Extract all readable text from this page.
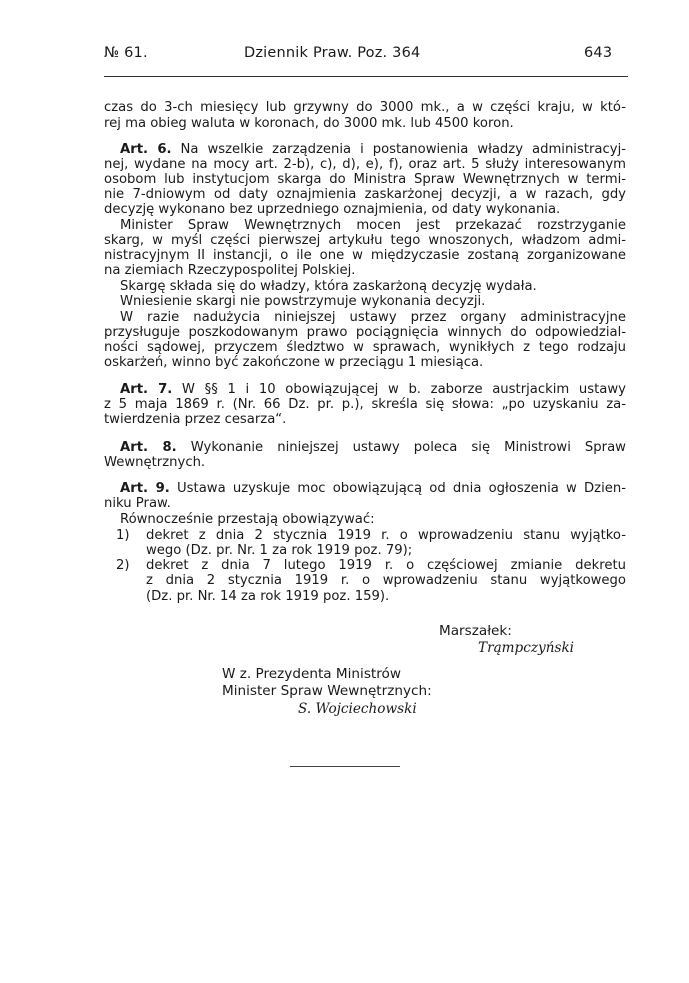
№ 61.	Dziennik Praw. Poz. 364	643
czas do 3-ch miesięcy lub grzywny do 3000 mk., a w części kraju, w któ-
rej ma obieg waluta w koronach, do 3000 mk. lub 4500 koron.
Art. 6. Na wszelkie zarządzenia i postanowienia władzy administracyj-
nej, wydane na mocy art. 2-b), c), d), e), f), oraz art. 5 służy interesowanym
osobom lub instytucjom skarga do Ministra Spraw Wewnętrznych w termi-
nie 7-dniowym od daty oznajmienia zaskarżonej decyzji, a w razach, gdy
decyzję wykonano bez uprzedniego oznajmienia, od daty wykonania.
Minister Spraw Wewnętrznych mocen jest przekazać rozstrzyganie
skarg, w myśl części pierwszej artykułu tego wnoszonych, władzom admi-
nistracyjnym II instancji, o ile one w międzyczasie zostaną zorganizowane
na ziemiach Rzeczypospolitej Polskiej.
Skargę składa się do władzy, która zaskarżoną decyzję wydała.
Wniesienie skargi nie powstrzymuje wykonania decyzji.
W razie nadużycia niniejszej ustawy przez organy administracyjne
przysługuje poszkodowanym prawo pociągnięcia winnych do odpowiedzial-
ności sądowej, przyczem śledztwo w sprawach, wynikłych z tego rodzaju
oskarżeń, winno być zakończone w przeciągu 1 miesiąca.
Art. 7. W §§ 1 i 10 obowiązującej w b. zaborze austrjackim ustawy
z 5 maja 1869 r. (Nr. 66 Dz. pr. p.), skreśla się słowa: „po uzyskaniu za-
twierdzenia przez cesarza“.
Art. 8. Wykonanie niniejszej ustawy poleca się Ministrowi Spraw
Wewnętrznych.
Art. 9. Ustawa uzyskuje moc obowiązującą od dnia ogłoszenia w Dzien-
niku Praw.
Równocześnie przestają obowiązywać:
1) dekret z dnia 2 stycznia 1919 r. o wprowadzeniu stanu wyjątko-
wego (Dz. pr. Nr. 1 za rok 1919 poz. 79);
2) dekret z dnia 7 lutego 1919 r. o częściowej zmianie dekretu
z dnia 2 stycznia 1919 r. o wprowadzeniu stanu wyjątkowego
(Dz. pr. Nr. 14 za rok 1919 poz. 159).
Marszałek:
Trąmpczyński
W z. Prezydenta Ministrów
Minister Spraw Wewnętrznych:
S. Wojciechowski
